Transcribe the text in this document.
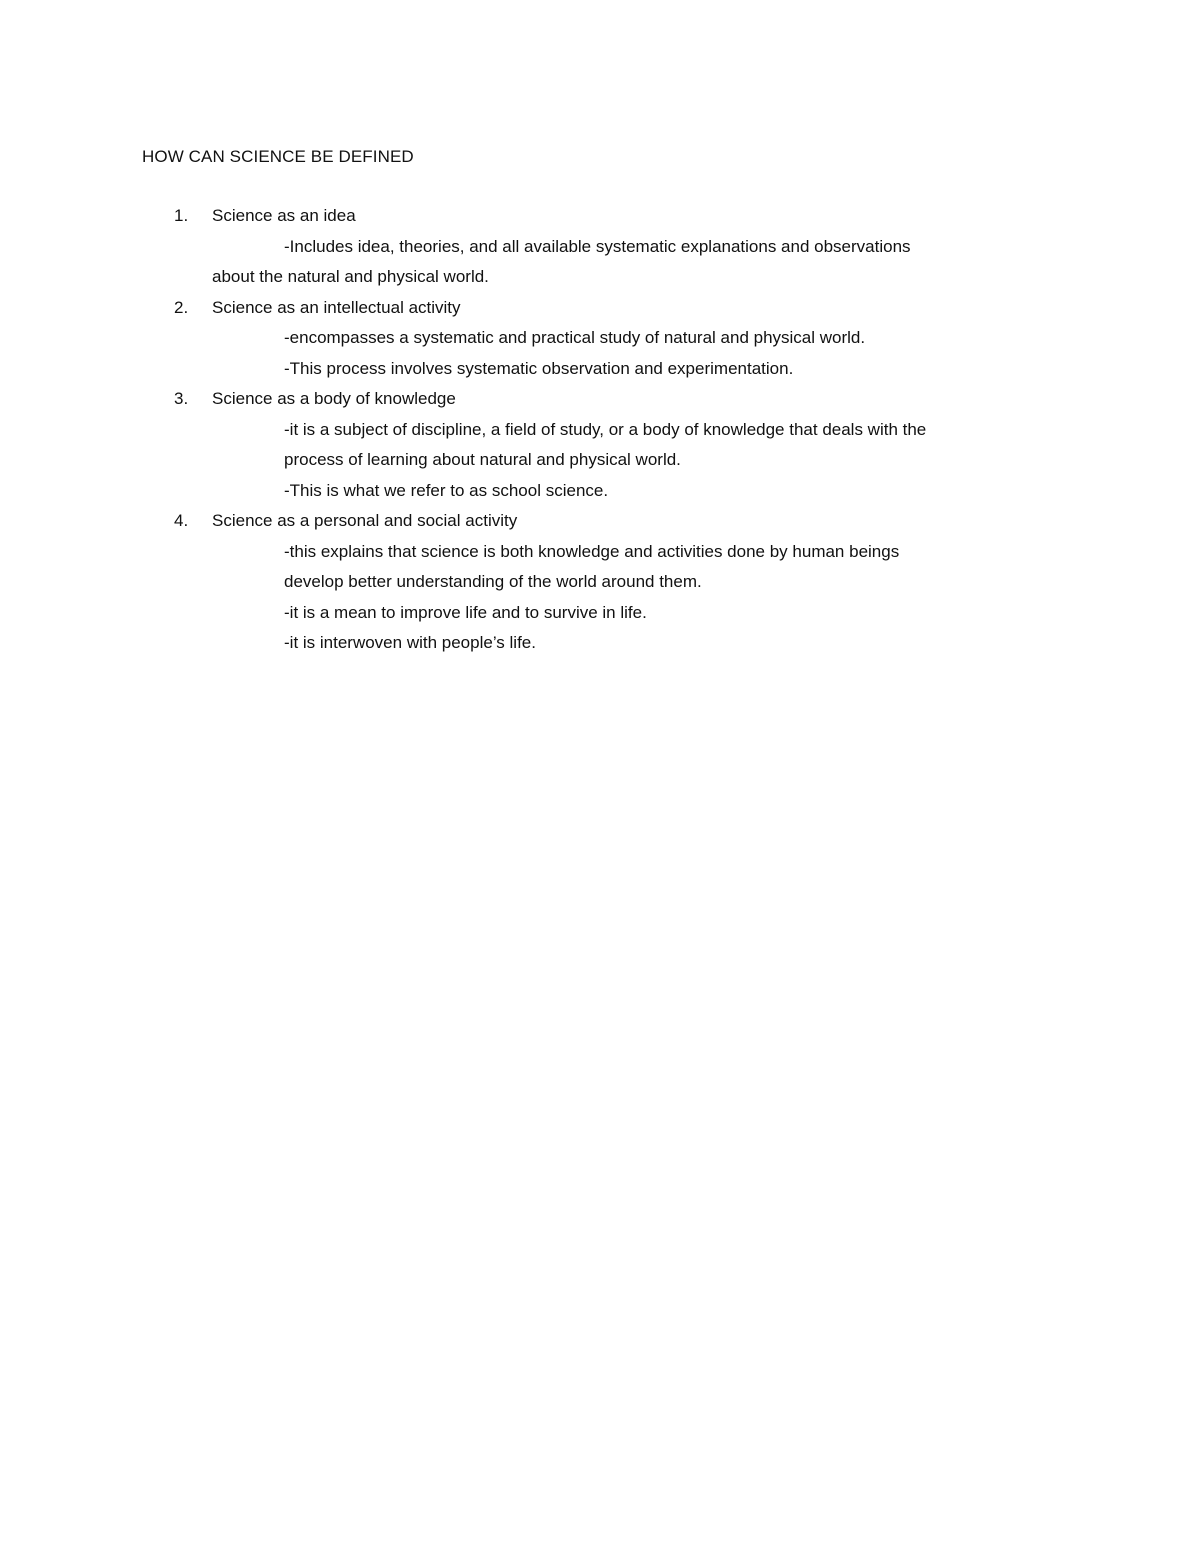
HOW CAN SCIENCE BE DEFINED
1. Science as an idea
-Includes idea, theories, and all available systematic explanations and observations
about the natural and physical world.
2. Science as an intellectual activity
-encompasses a systematic and practical study of natural and physical world.
-This process involves systematic observation and experimentation.
3. Science as a body of knowledge
-it is a subject of discipline, a field of study, or a body of knowledge that deals with the
process of learning about natural and physical world.
-This is what we refer to as school science.
4. Science as a personal and social activity
-this explains that science is both knowledge and activities done by human beings
develop better understanding of the world around them.
-it is a mean to improve life and to survive in life.
-it is interwoven with people’s life.
